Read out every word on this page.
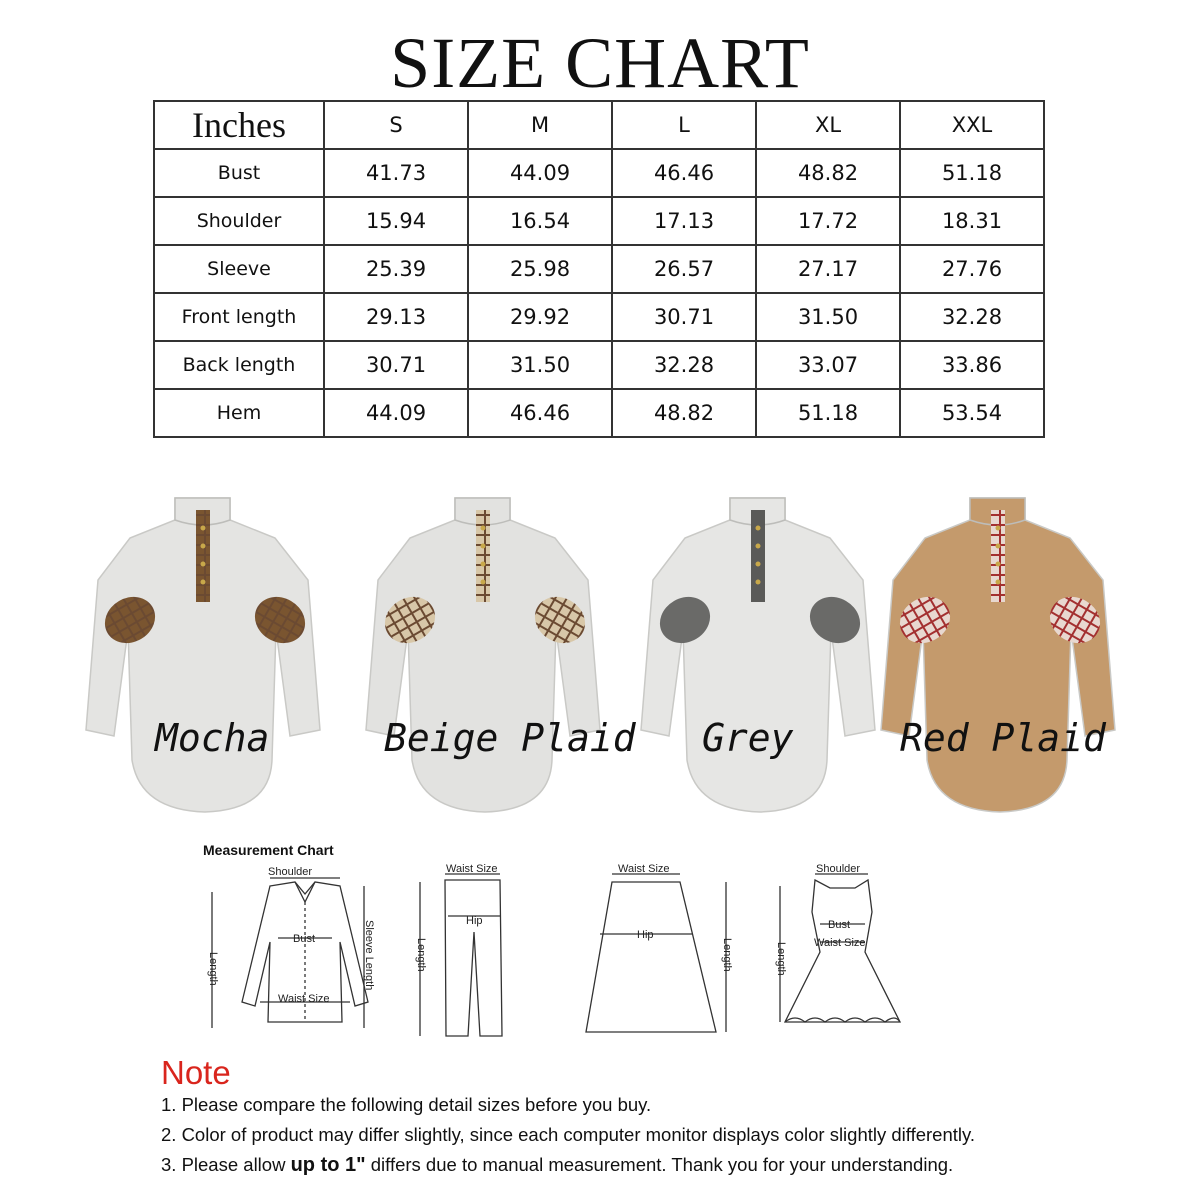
SIZE CHART
Inches	S	M	L	XL	XXL
Bust	41.73	44.09	46.46	48.82	51.18
Shoulder	15.94	16.54	17.13	17.72	18.31
Sleeve	25.39	25.98	26.57	27.17	27.76
Front length	29.13	29.92	30.71	31.50	32.28
Back length	30.71	31.50	32.28	33.07	33.86
Hem	44.09	46.46	48.82	51.18	53.54
Mocha	Beige Plaid Grey	Red Plaid
Measurement Chart
Shoulder
Bust
Waist Size
Length	Sleeve Length
Waist Size
Hip
Length
Waist Size
Hip
Length
Shoulder
Bust
Waist Size
Length
Note
1. Please compare the following detail sizes before you buy.
2. Color of product may differ slightly, since each computer monitor displays color slightly differently.
3. Please allow up to 1" differs due to manual measurement. Thank you for your understanding.
